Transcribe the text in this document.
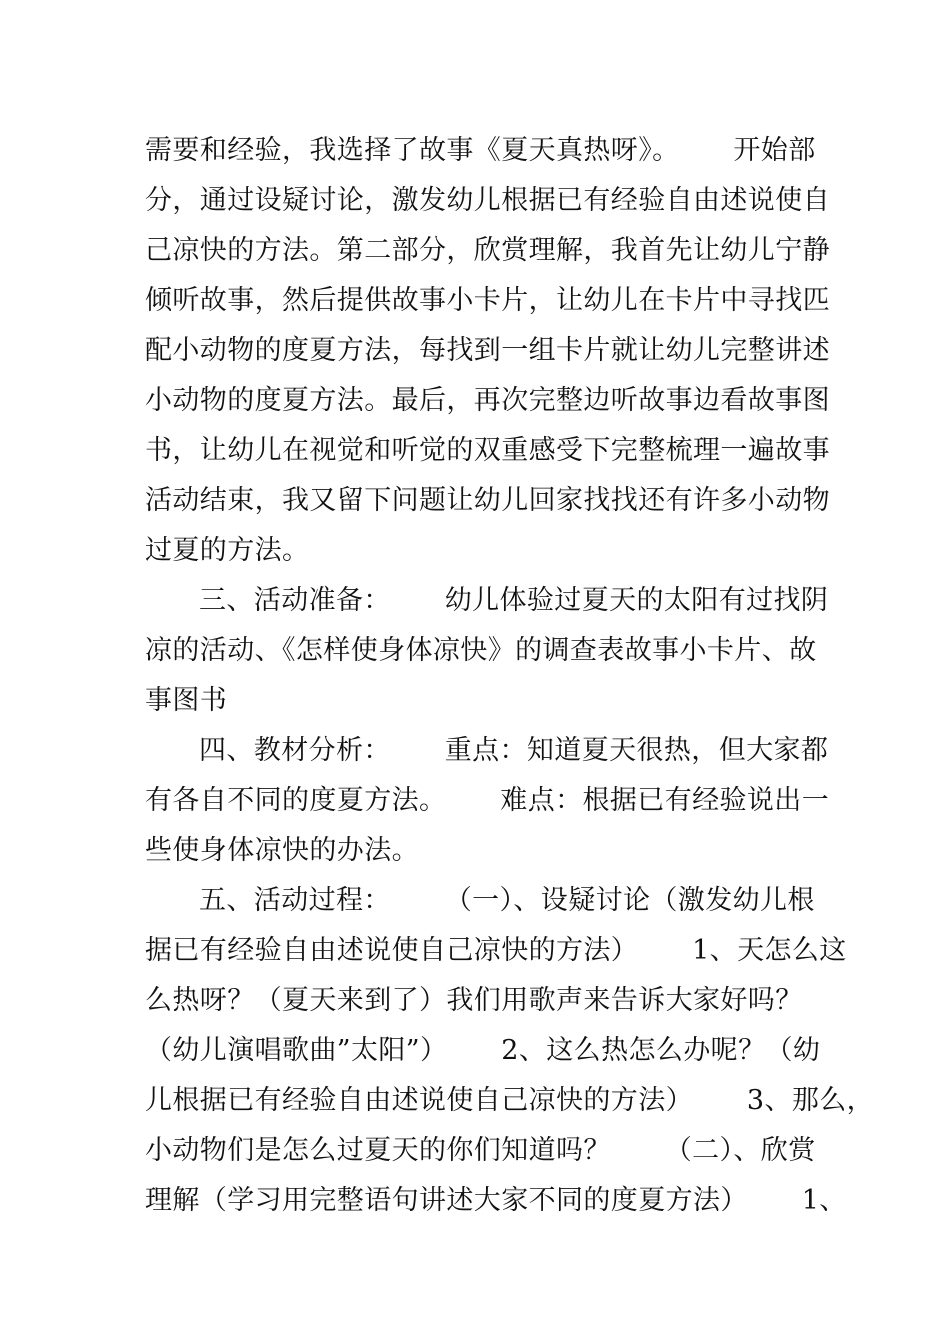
需要和经验，我选择了故事《夏天真热呀》。      开始部
分，通过设疑讨论，激发幼儿根据已有经验自由述说使自
己凉快的方法。第二部分，欣赏理解，我首先让幼儿宁静
倾听故事，然后提供故事小卡片，让幼儿在卡片中寻找匹
配小动物的度夏方法，每找到一组卡片就让幼儿完整讲述
小动物的度夏方法。最后，再次完整边听故事边看故事图
书，让幼儿在视觉和听觉的双重感受下完整梳理一遍故事
活动结束，我又留下问题让幼儿回家找找还有许多小动物
过夏的方法。
三、活动准备：      幼儿体验过夏天的太阳有过找阴
凉的活动、《怎样使身体凉快》的调查表故事小卡片、故
事图书
四、教材分析：      重点：知道夏天很热，但大家都
有各自不同的度夏方法。      难点：根据已有经验说出一
些使身体凉快的办法。
五、活动过程：      （一）、设疑讨论（激发幼儿根
据已有经验自由述说使自己凉快的方法）      1、天怎么这
么热呀？（夏天来到了）我们用歌声来告诉大家好吗？
（幼儿演唱歌曲”太阳”）      2、这么热怎么办呢？（幼
儿根据已有经验自由述说使自己凉快的方法）      3、那么，
小动物们是怎么过夏天的你们知道吗？      （二）、欣赏
理解（学习用完整语句讲述大家不同的度夏方法）      1、
